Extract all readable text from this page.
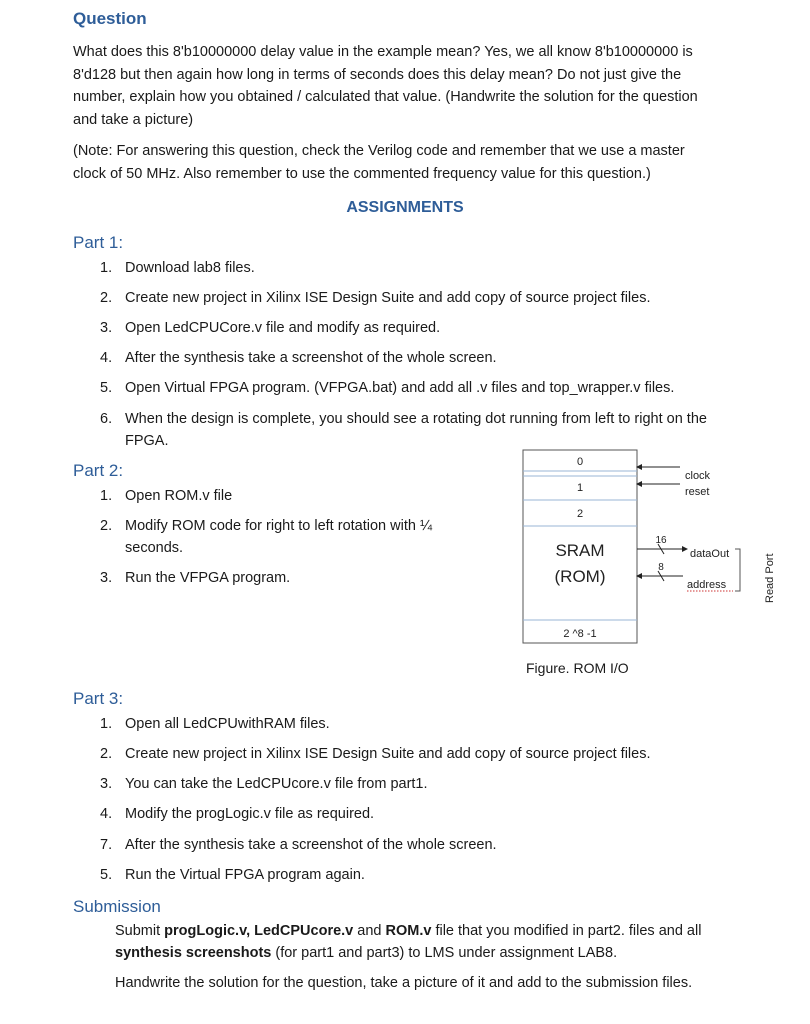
Question
What does this 8'b10000000 delay value in the example mean? Yes, we all know 8'b10000000 is
8'd128 but then again how long in terms of seconds does this delay mean? Do not just give the
number, explain how you obtained / calculated that value. (Handwrite the solution for the question
and take a picture)
(Note: For answering this question, check the Verilog code and remember that we use a master
clock of 50 MHz. Also remember to use the commented frequency value for this question.)
ASSIGNMENTS
Part 1:
1. Download lab8 files.
2. Create new project in Xilinx ISE Design Suite and add copy of source project files.
3. Open LedCPUCore.v file and modify as required.
4. After the synthesis take a screenshot of the whole screen.
5. Open Virtual FPGA program. (VFPGA.bat) and add all .v files and top_wrapper.v files.
6. When the design is complete, you should see a rotating dot running from left to right on the
FPGA.
Part 2:
1. Open ROM.v file
2. Modify ROM code for right to left rotation with ¼
seconds.
3. Run the VFPGA program.
0
1
2
SRAM
(ROM)
2 ^8 -1
clock
reset
16
dataOut
8
address	Read Port
Figure. ROM I/O
Part 3:
1. Open all LedCPUwithRAM files.
2. Create new project in Xilinx ISE Design Suite and add copy of source project files.
3. You can take the LedCPUcore.v file from part1.
4. Modify the progLogic.v file as required.
7. After the synthesis take a screenshot of the whole screen.
5. Run the Virtual FPGA program again.
Submission
Submit progLogic.v, LedCPUcore.v and ROM.v file that you modified in part2. files and all
synthesis screenshots (for part1 and part3) to LMS under assignment LAB8.
Handwrite the solution for the question, take a picture of it and add to the submission files.
